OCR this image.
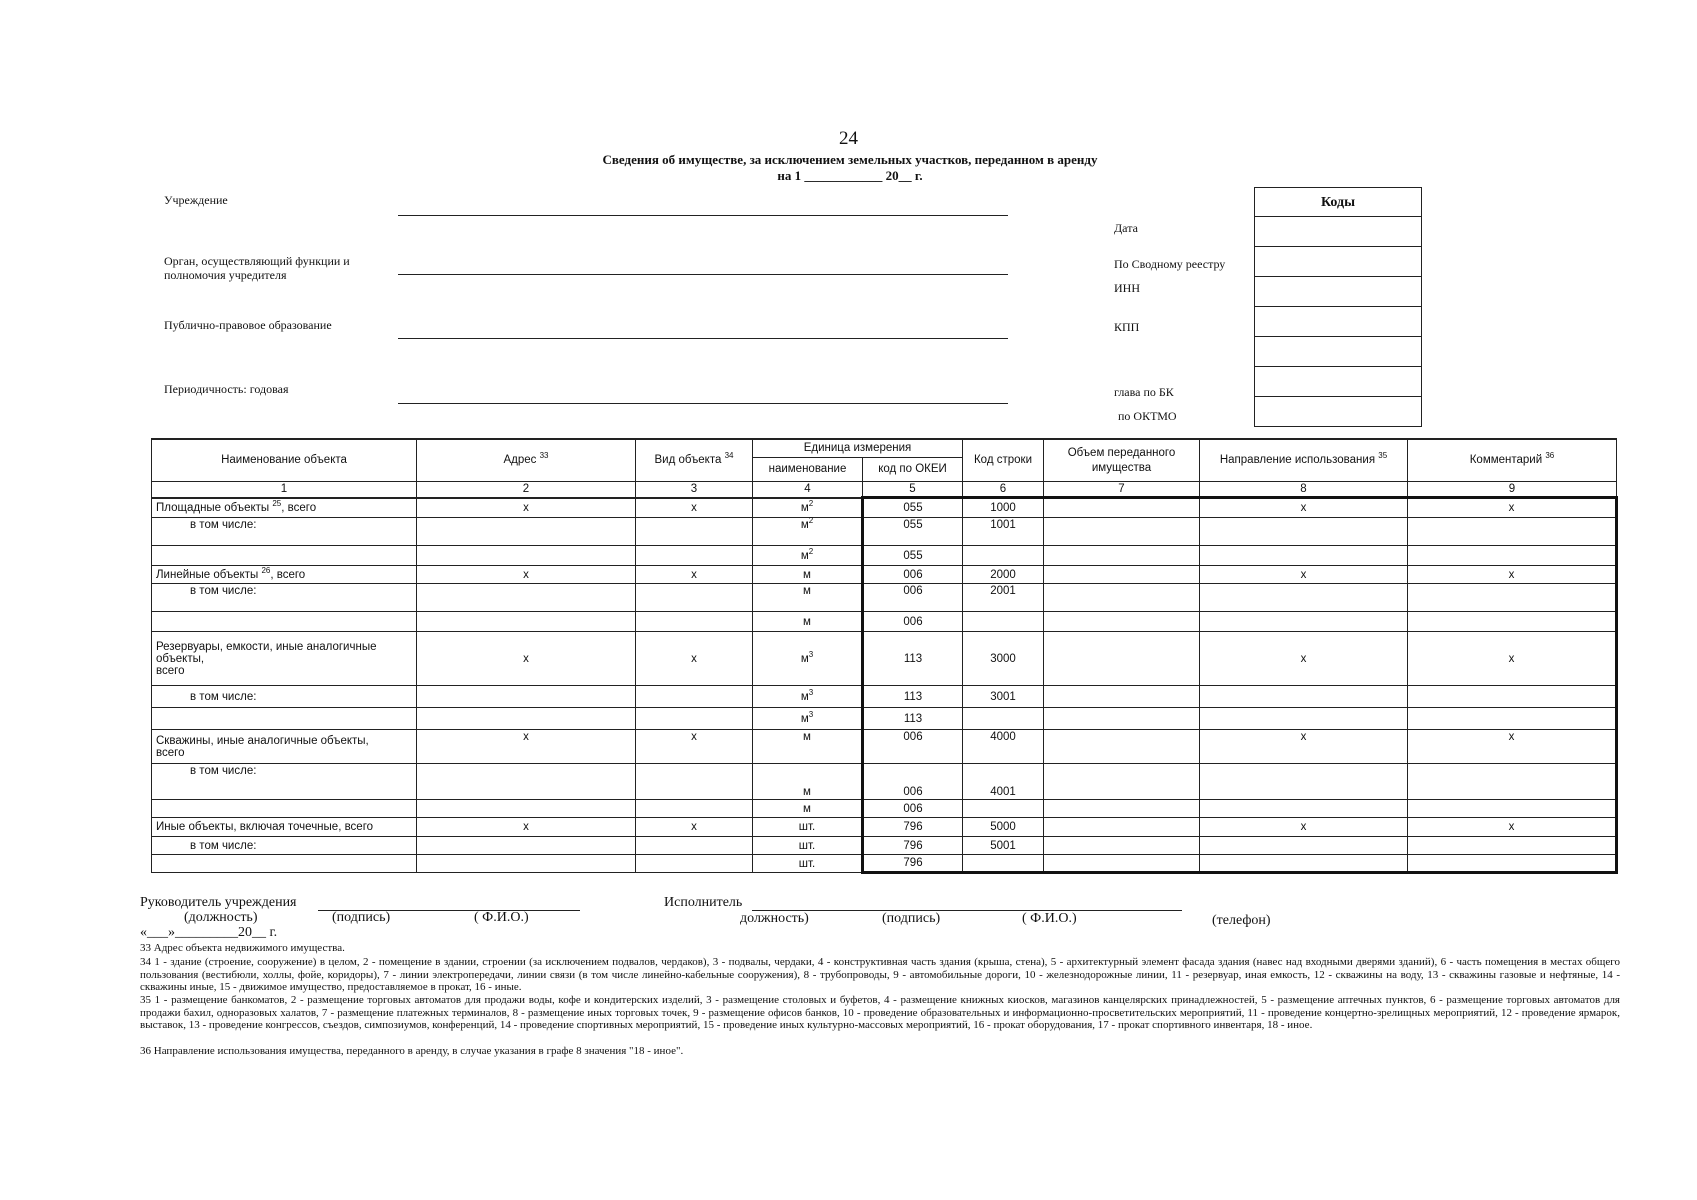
24
Сведения об имуществе, за исключением земельных участков, переданном в аренду
на 1 ____________ 20__ г.
Учреждение
Орган, осуществляющий функции и
полномочия учредителя
Публично-правовое образование
Периодичность: годовая
Дата
По Сводному реестру
ИНН
КПП
глава по БК
по ОКТМО
Коды
Наименование объекта	Адрес $^{33}$	Вид объекта $^{34}$	Единица измерения		Код строки	Объем переданного имущества	Направление использования $^{35}$	Комментарий $^{36}$
			наименование	код по ОКЕИ				
1	2	3	4	5	6	7	8	9
Площадные объекты $^{25}$, всего	x	x	$м^2$	055	1000		x	x
в том числе:			$м^2$	055	1001			
			$м^2$	055				
Линейные объекты $^{26}$, всего	x	x	м	006	2000		x	x
в том числе:			м	006	2001			
			м	006				
Резервуары, емкости, иные аналогичные
объекты,
всего	x	x	$м^3$	113	3000		x	x
в том числе:			$м^3$	113	3001			
			$м^3$	113				
Скважины, иные аналогичные объекты,
всего	x	x	м	006	4000		x	x
в том числе:			м	006	4001			
			м	006				
Иные объекты, включая точечные, всего	x	x	шт.	796	5000		x	x
в том числе:			шт.	796	5001			
			шт.	796				
Руководитель учреждения
(должность)	(подпись)	( Ф.И.О.)
Исполнитель
должность)	(подпись)	( Ф.И.О.)	(телефон)
«___»_________20__ г.
33 Адрес объекта недвижимого имущества.
34 1 - здание (строение, сооружение) в целом, 2 - помещение в здании, строении (за исключением подвалов, чердаков), 3 - подвалы, чердаки, 4 - конструктивная часть здания (крыша, стена), 5 - архитектурный элемент фасада здания (навес над входными дверями зданий), 6 - часть помещения в местах общего пользования (вестибюли, холлы, фойе, коридоры), 7 - линии электропередачи, линии связи (в том числе линейно-кабельные сооружения), 8 - трубопроводы, 9 - автомобильные дороги, 10 - железнодорожные линии, 11 - резервуар, иная емкость, 12 - скважины на воду, 13 - скважины газовые и нефтяные, 14 - скважины иные, 15 - движимое имущество, предоставляемое в прокат, 16 - иные.
35 1 - размещение банкоматов, 2 - размещение торговых автоматов для продажи воды, кофе и кондитерских изделий, 3 - размещение столовых и буфетов, 4 - размещение книжных киосков, магазинов канцелярских принадлежностей, 5 - размещение аптечных пунктов, 6 - размещение торговых автоматов для продажи бахил, одноразовых халатов, 7 - размещение платежных терминалов, 8 - размещение иных торговых точек, 9 - размещение офисов банков, 10 - проведение образовательных и информационно-просветительских мероприятий, 11 - проведение концертно-зрелищных мероприятий, 12 - проведение ярмарок, выставок, 13 - проведение конгрессов, съездов, симпозиумов, конференций, 14 - проведение спортивных мероприятий, 15 - проведение иных культурно-массовых мероприятий, 16 - прокат оборудования, 17 - прокат спортивного инвентаря, 18 - иное.
36 Направление использования имущества, переданного в аренду, в случае указания в графе 8 значения "18 - иное".
